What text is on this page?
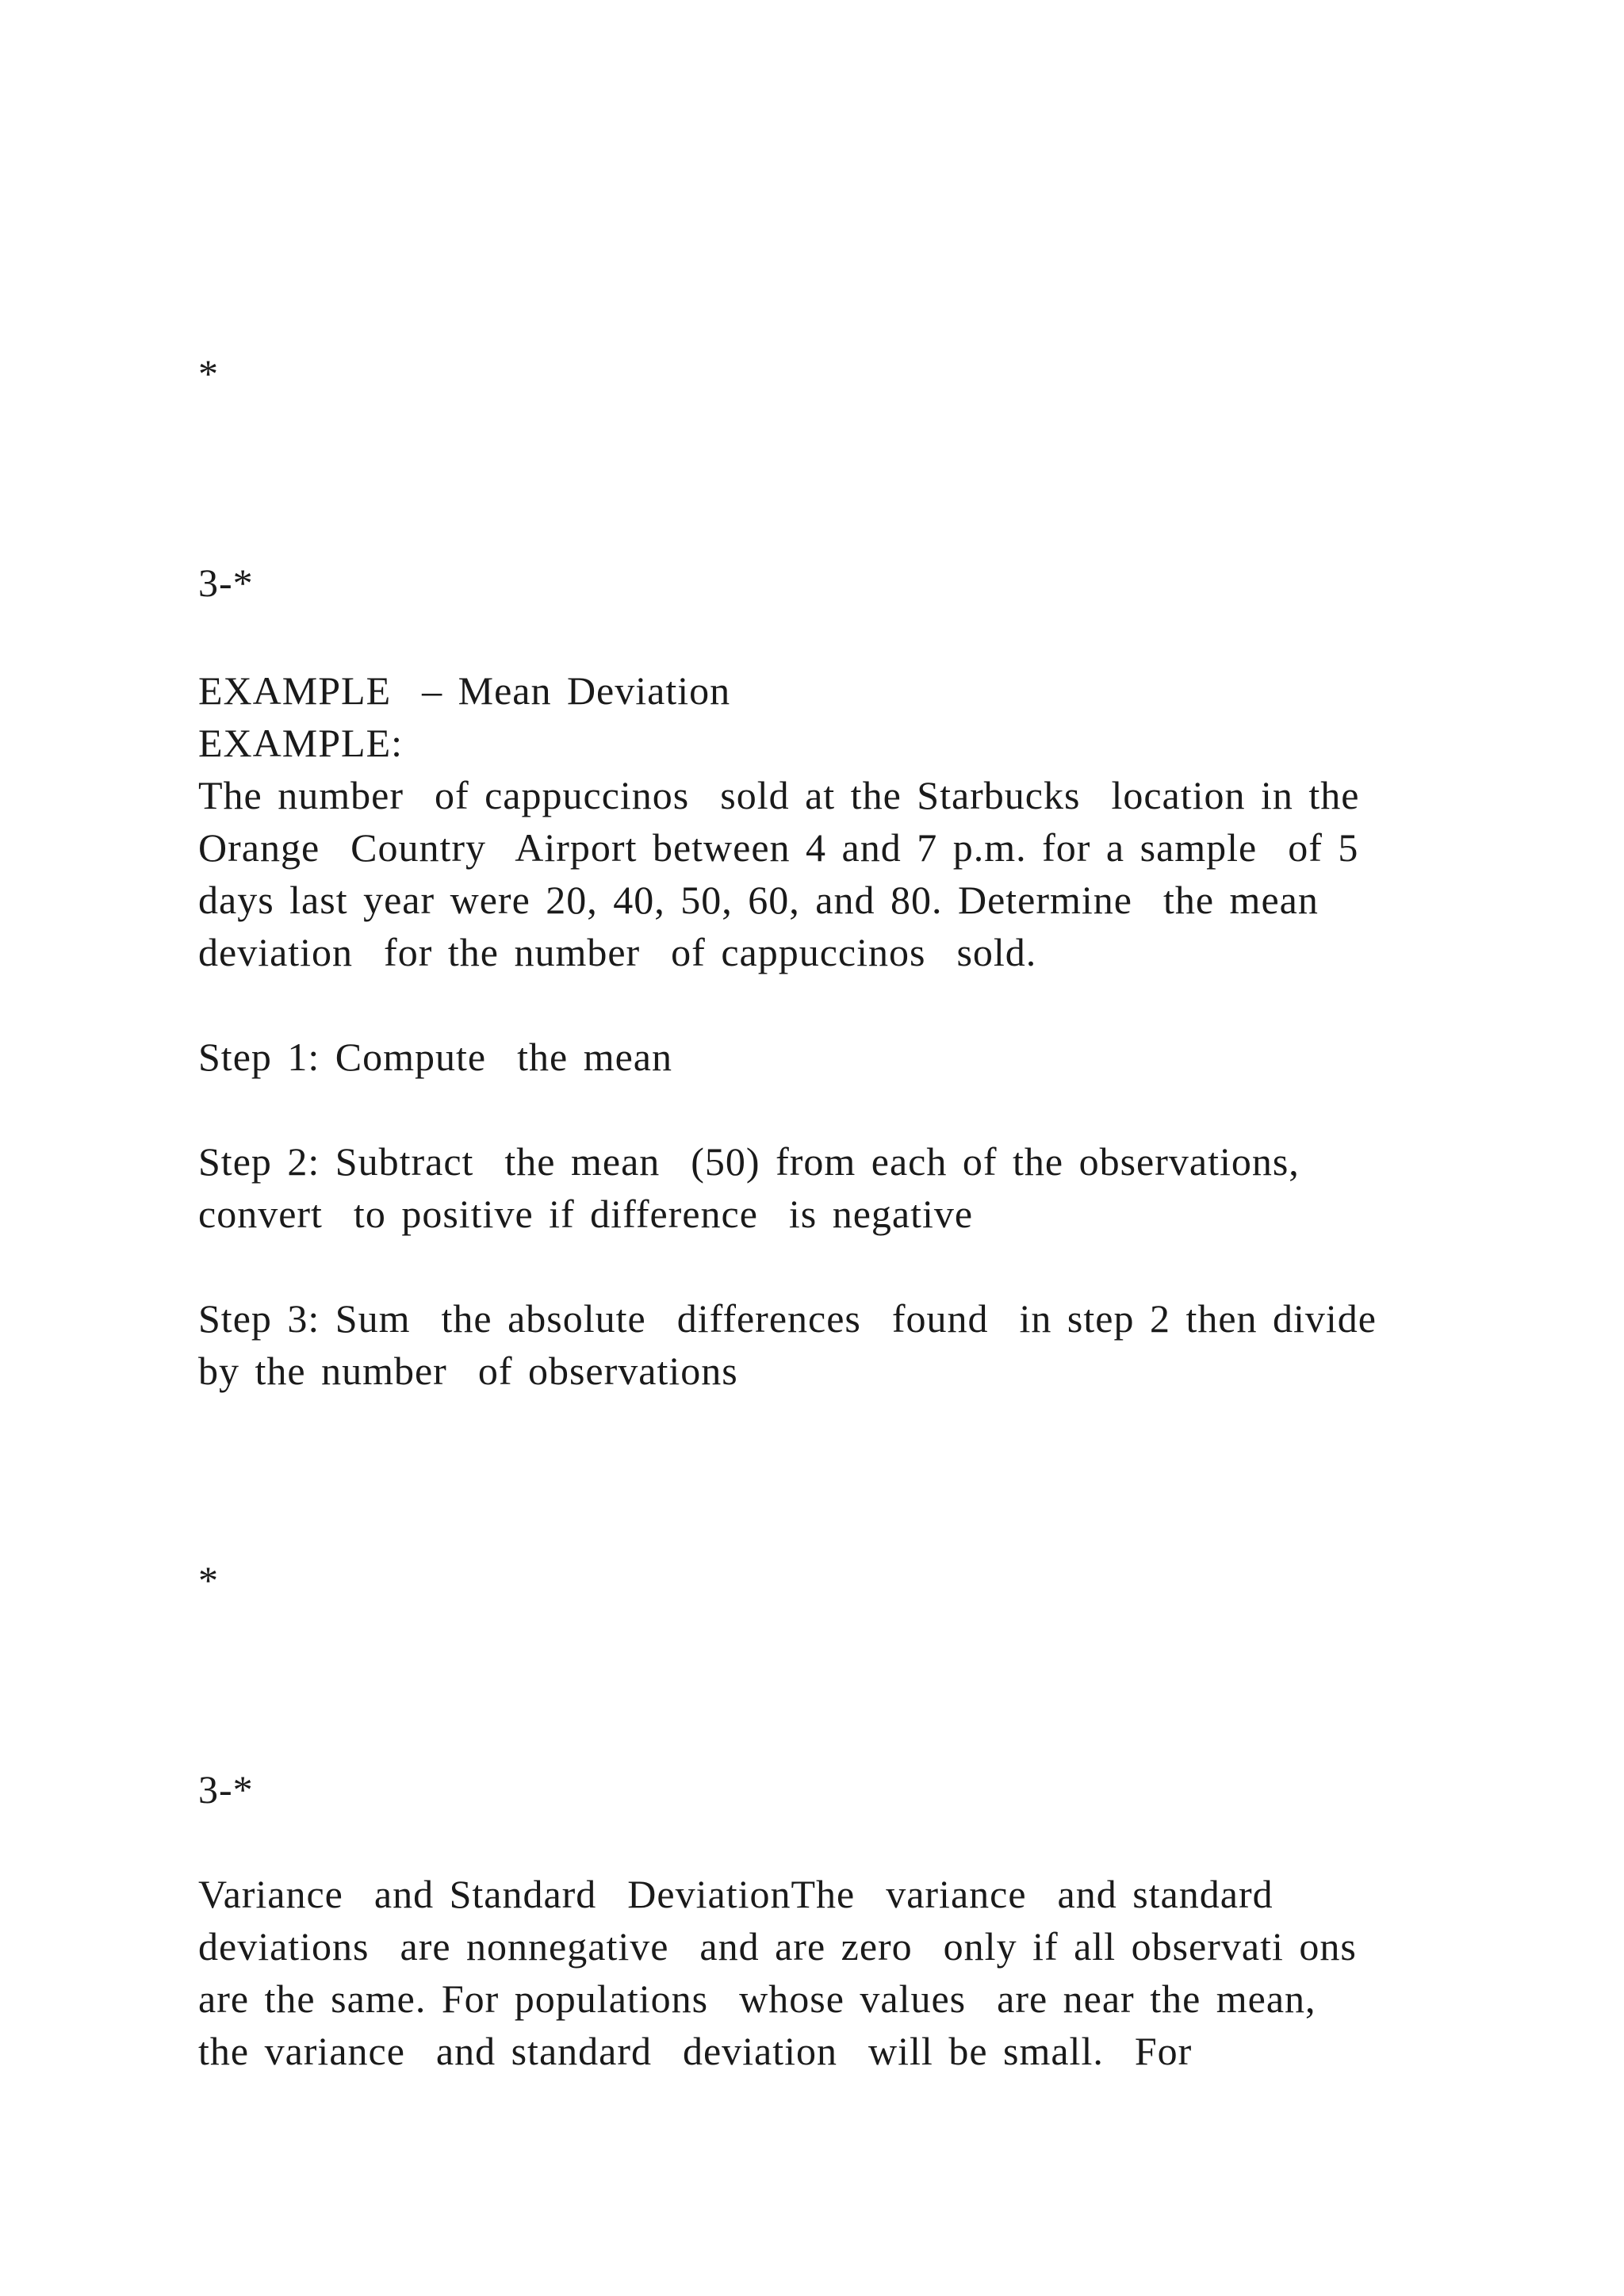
*
3-*
EXAMPLE  – Mean Deviation
EXAMPLE:
The number  of cappuccinos  sold at the Starbucks  location in the
Orange  Country  Airport between 4 and 7 p.m. for a sample  of 5
days last year were 20, 40, 50, 60, and 80. Determine  the mean
deviation  for the number  of cappuccinos  sold.
Step 1: Compute  the mean
Step 2: Subtract  the mean  (50) from each of the observations,
convert  to positive if difference  is negative
Step 3: Sum  the absolute  differences  found  in step 2 then divide
by the number  of observations
*
3-*
Variance  and Standard  DeviationThe  variance  and standard
deviations  are nonnegative  and are zero  only if all observati ons
are the same. For populations  whose values  are near the mean,
the variance  and standard  deviation  will be small.  For
